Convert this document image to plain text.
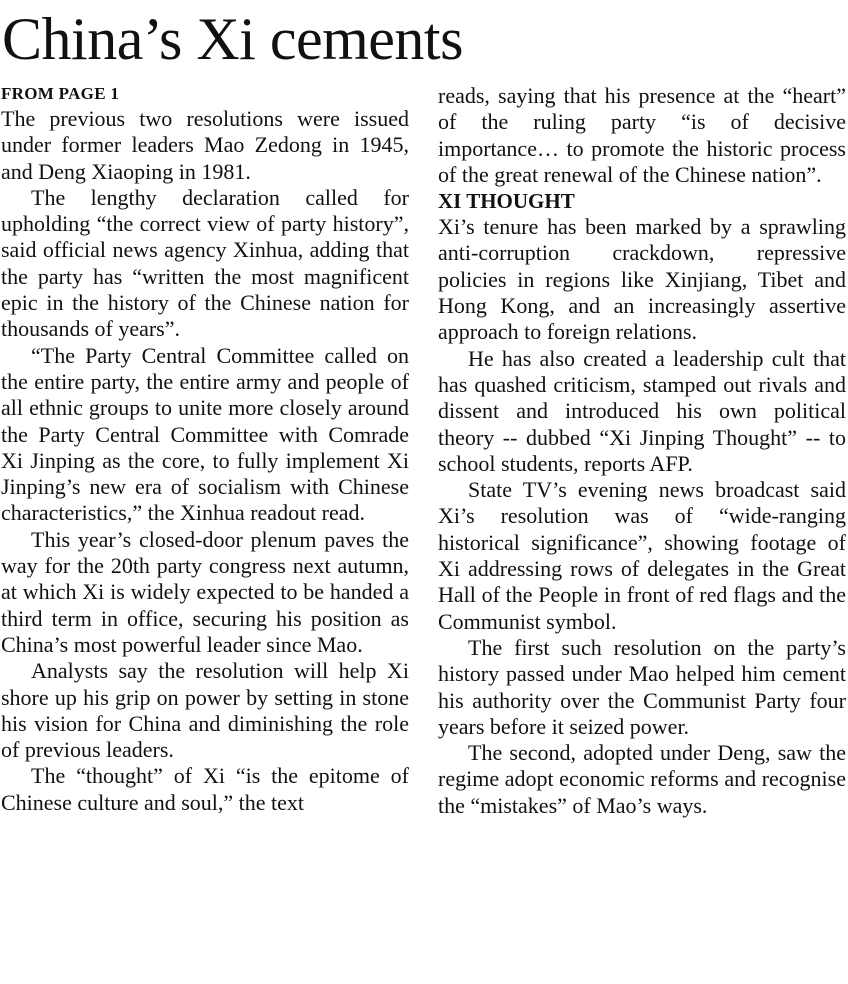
China’s Xi cements
FROM PAGE 1

The previous two resolutions were issued under former leaders Mao Zedong in 1945, and Deng Xiaoping in 1981.

The lengthy declaration called for upholding “the correct view of party history”, said official news agency Xinhua, adding that the party has “written the most magnificent epic in the history of the Chinese nation for thousands of years”.

“The Party Central Committee called on the entire party, the entire army and people of all ethnic groups to unite more closely around the Party Central Committee with Comrade Xi Jinping as the core, to fully implement Xi Jinping’s new era of socialism with Chinese characteristics,” the Xinhua readout read.

This year’s closed-door plenum paves the way for the 20th party congress next autumn, at which Xi is widely expected to be handed a third term in office, securing his position as China’s most powerful leader since Mao.

Analysts say the resolution will help Xi shore up his grip on power by setting in stone his vision for China and diminishing the role of previous leaders.

The “thought” of Xi “is the epitome of Chinese culture and soul,” the text

reads, saying that his presence at the “heart” of the ruling party “is of decisive importance… to promote the historic process of the great renewal of the Chinese nation”.

XI THOUGHT

Xi’s tenure has been marked by a sprawling anti-corruption crackdown, repressive policies in regions like Xinjiang, Tibet and Hong Kong, and an increasingly assertive approach to foreign relations.

He has also created a leadership cult that has quashed criticism, stamped out rivals and dissent and introduced his own political theory -- dubbed “Xi Jinping Thought” -- to school students, reports AFP.

State TV’s evening news broadcast said Xi’s resolution was of “wide-ranging historical significance”, showing footage of Xi addressing rows of delegates in the Great Hall of the People in front of red flags and the Communist symbol.

The first such resolution on the party’s history passed under Mao helped him cement his authority over the Communist Party four years before it seized power.

The second, adopted under Deng, saw the regime adopt economic reforms and recognise the “mistakes” of Mao’s ways.
